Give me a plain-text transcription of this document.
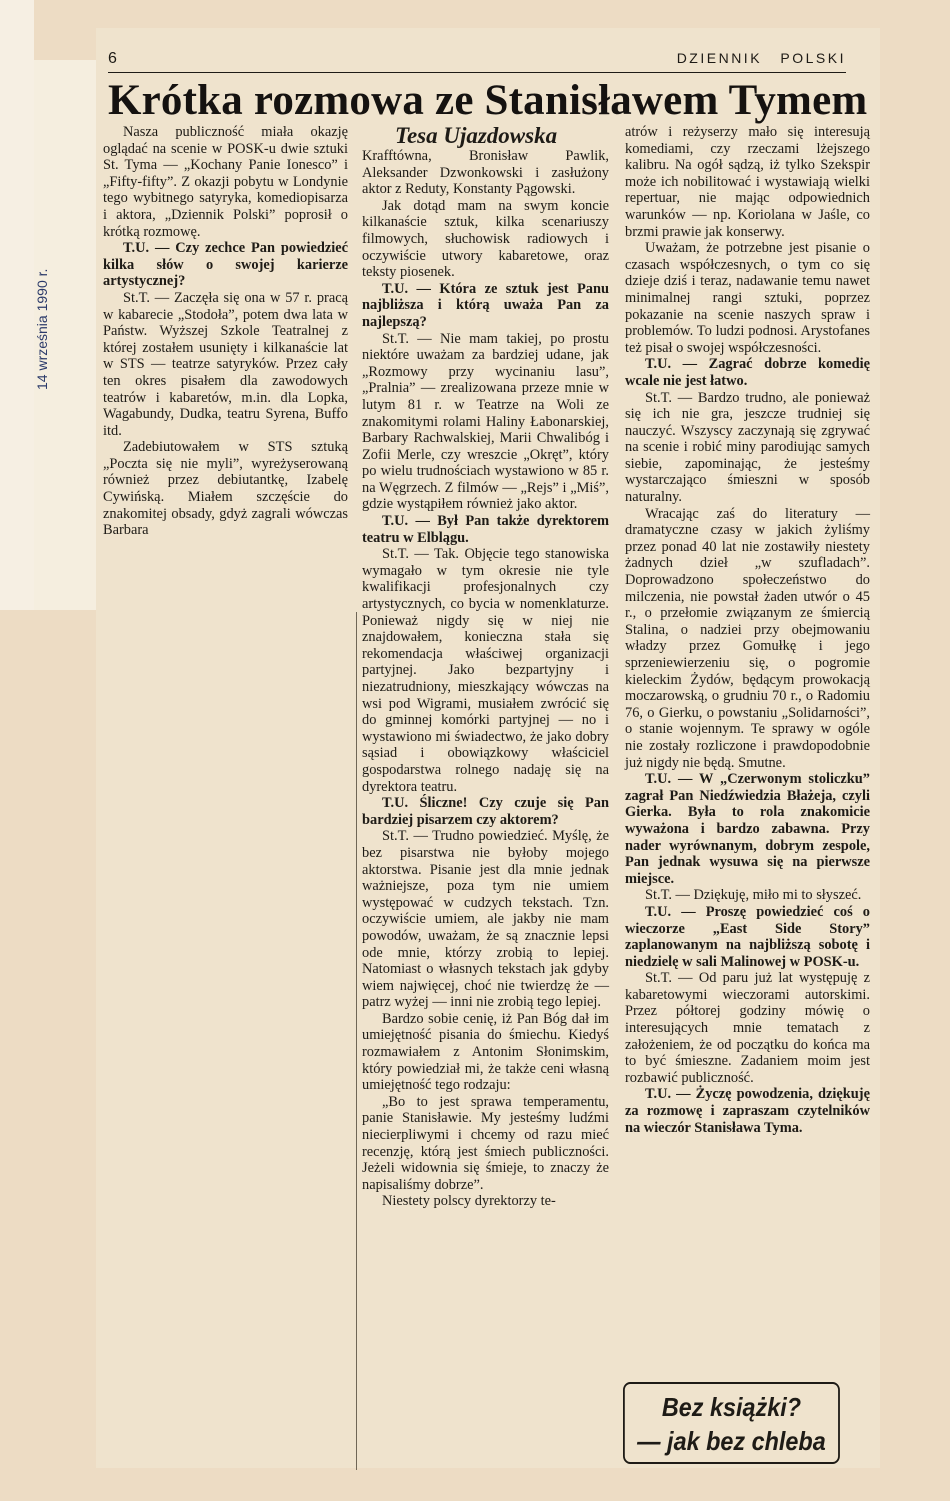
6	DZIENNIK POLSKI
14 września 1990 r.
Krótka rozmowa ze Stanisławem Tymem

Nasza publiczność miała okazję oglądać na scenie w POSK-u dwie sztuki St. Tyma — „Kochany Panie Ionesco” i „Fifty-fifty”. Z okazji pobytu w Londynie tego wybitnego satyryka, komediopisarza i aktora, „Dziennik Polski” poprosił o krótką rozmowę.

T.U. — Czy zechce Pan powiedzieć kilka słów o swojej karierze artystycznej?

St.T. — Zaczęła się ona w 57 r. pracą w kabarecie „Stodoła”, potem dwa lata w Państw. Wyższej Szkole Teatralnej z której zostałem usunięty i kilkanaście lat w STS — teatrze satyryków. Przez cały ten okres pisałem dla zawodowych teatrów i kabaretów, m.in. dla Lopka, Wagabundy, Dudka, teatru Syrena, Buffo itd.

Zadebiutowałem w STS sztuką „Poczta się nie myli”, wyreżyserowaną również przez debiutantkę, Izabelę Cywińską. Miałem szczęście do znakomitej obsady, gdyż zagrali wówczas Barbara

Tesa Ujazdowska

Krafftówna, Bronisław Pawlik, Aleksander Dzwonkowski i zasłużony aktor z Reduty, Konstanty Pągowski.

Jak dotąd mam na swym koncie kilkanaście sztuk, kilka scenariuszy filmowych, słuchowisk radiowych i oczywiście utwory kabaretowe, oraz teksty piosenek.

T.U. — Która ze sztuk jest Panu najbliższa i którą uważa Pan za najlepszą?

St.T. — Nie mam takiej, po prostu niektóre uważam za bardziej udane, jak „Rozmowy przy wycinaniu lasu”, „Pralnia” — zrealizowana przeze mnie w lutym 81 r. w Teatrze na Woli ze znakomitymi rolami Haliny Łabonarskiej, Barbary Rachwalskiej, Marii Chwalibóg i Zofii Merle, czy wreszcie „Okręt”, który po wielu trudnościach wystawiono w 85 r. na Węgrzech. Z filmów — „Rejs” i „Miś”, gdzie wystąpiłem również jako aktor.

T.U. — Był Pan także dyrektorem teatru w Elblągu.

St.T. — Tak. Objęcie tego stanowiska wymagało w tym okresie nie tyle kwalifikacji profesjonalnych czy artystycznych, co bycia w nomenklaturze. Ponieważ nigdy się w niej nie znajdowałem, konieczna stała się rekomendacja właściwej organizacji partyjnej. Jako bezpartyjny i niezatrudniony, mieszkający wówczas na wsi pod Wigrami, musiałem zwrócić się do gminnej komórki partyjnej — no i wystawiono mi świadectwo, że jako dobry sąsiad i obowiązkowy właściciel gospodarstwa rolnego nadaję się na dyrektora teatru.

T.U. Śliczne! Czy czuje się Pan bardziej pisarzem czy aktorem?

St.T. — Trudno powiedzieć. Myślę, że bez pisarstwa nie byłoby mojego aktorstwa. Pisanie jest dla mnie jednak ważniejsze, poza tym nie umiem występować w cudzych tekstach. Tzn. oczywiście umiem, ale jakby nie mam powodów, uważam, że są znacznie lepsi ode mnie, którzy zrobią to lepiej. Natomiast o własnych tekstach jak gdyby wiem najwięcej, choć nie twierdzę że — patrz wyżej — inni nie zrobią tego lepiej.

Bardzo sobie cenię, iż Pan Bóg dał im umiejętność pisania do śmiechu. Kiedyś rozmawiałem z Antonim Słonimskim, który powiedział mi, że także ceni własną umiejętność tego rodzaju:

„Bo to jest sprawa temperamentu, panie Stanisławie. My jesteśmy ludźmi niecierpliwymi i chcemy od razu mieć recenzję, którą jest śmiech publiczności. Jeżeli widownia się śmieje, to znaczy że napisaliśmy dobrze”.

Niestety polscy dyrektorzy te-

atrów i reżyserzy mało się interesują komediami, czy rzeczami lżejszego kalibru. Na ogół sądzą, iż tylko Szekspir może ich nobilitować i wystawiają wielki repertuar, nie mając odpowiednich warunków — np. Koriolana w Jaśle, co brzmi prawie jak konserwy.

Uważam, że potrzebne jest pisanie o czasach współczesnych, o tym co się dzieje dziś i teraz, nadawanie temu nawet minimalnej rangi sztuki, poprzez pokazanie na scenie naszych spraw i problemów. To ludzi podnosi. Arystofanes też pisał o swojej współczesności.

T.U. — Zagrać dobrze komedię wcale nie jest łatwo.

St.T. — Bardzo trudno, ale ponieważ się ich nie gra, jeszcze trudniej się nauczyć. Wszyscy zaczynają się zgrywać na scenie i robić miny parodiując samych siebie, zapominając, że jesteśmy wystarczająco śmieszni w sposób naturalny.

Wracając zaś do literatury — dramatyczne czasy w jakich żyliśmy przez ponad 40 lat nie zostawiły niestety żadnych dzieł „w szufladach”. Doprowadzono społeczeństwo do milczenia, nie powstał żaden utwór o 45 r., o przełomie związanym ze śmiercią Stalina, o nadziei przy obejmowaniu władzy przez Gomułkę i jego sprzeniewierzeniu się, o pogromie kieleckim Żydów, będącym prowokacją moczarowską, o grudniu 70 r., o Radomiu 76, o Gierku, o powstaniu „Solidarności”, o stanie wojennym. Te sprawy w ogóle nie zostały rozliczone i prawdopodobnie już nigdy nie będą. Smutne.

T.U. — W „Czerwonym stoliczku” zagrał Pan Niedźwiedzia Błażeja, czyli Gierka. Była to rola znakomicie wyważona i bardzo zabawna. Przy nader wyrównanym, dobrym zespole, Pan jednak wysuwa się na pierwsze miejsce.

St.T. — Dziękuję, miło mi to słyszeć.

T.U. — Proszę powiedzieć coś o wieczorze „East Side Story” zaplanowanym na najbliższą sobotę i niedzielę w sali Malinowej w POSK-u.

St.T. — Od paru już lat występuję z kabaretowymi wieczorami autorskimi. Przez półtorej godziny mówię o interesujących mnie tematach z założeniem, że od początku do końca ma to być śmieszne. Zadaniem moim jest rozbawić publiczność.

T.U. — Życzę powodzenia, dziękuję za rozmowę i zapraszam czytelników na wieczór Stanisława Tyma.

Bez książki?
— jak bez chleba
